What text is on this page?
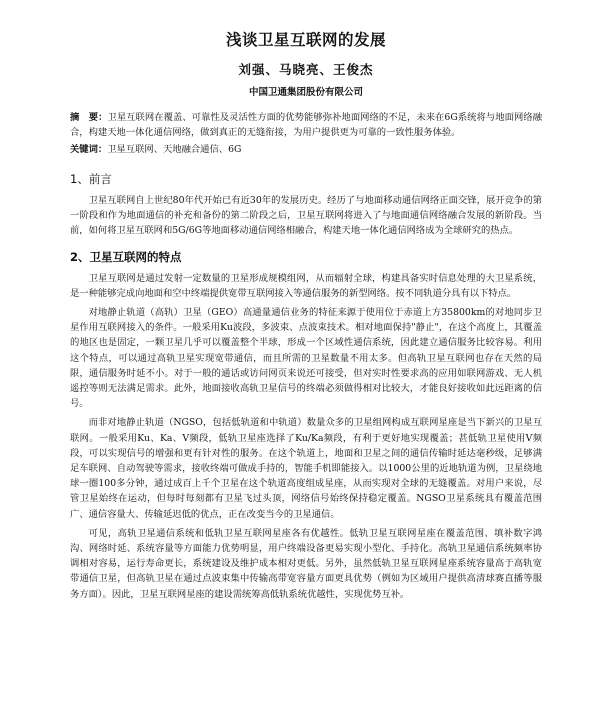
浅谈卫星互联网的发展
刘强、马晓亮、王俊杰
中国卫通集团股份有限公司

摘　要：卫星互联网在覆盖、可靠性及灵活性方面的优势能够弥补地面网络的不足，未来在6G系统将与地面网络融合，构建天地一体化通信网络，做到真正的无缝衔接，为用户提供更为可靠的一致性服务体验。

关键词：卫星互联网、天地融合通信、6G

1、前言

卫星互联网自上世纪80年代开始已有近30年的发展历史。经历了与地面移动通信网络正面交锋，展开竞争的第一阶段和作为地面通信的补充和备份的第二阶段之后，卫星互联网将进入了与地面通信网络融合发展的新阶段。当前，如何将卫星互联网和5G/6G等地面移动通信网络相融合，构建天地一体化通信网络成为全球研究的热点。

2、卫星互联网的特点

卫星互联网是通过发射一定数量的卫星形成规模组网，从而辐射全球，构建具备实时信息处理的大卫星系统，是一种能够完成向地面和空中终端提供宽带互联网接入等通信服务的新型网络。按不同轨道分具有以下特点。

对地静止轨道（高轨）卫星（GEO）高通量通信业务的特征来源于使用位于赤道上方35800km的对地同步卫星作用互联网接入的条件。一般采用Ku波段，多波束、点波束技术。相对地面保持"静止"，在这个高度上，其覆盖的地区也是固定，一颗卫星几乎可以覆盖整个半球，形成一个区域性通信系统，因此建立通信服务比较容易。利用这个特点，可以通过高轨卫星实现宽带通信，而且所需的卫星数量不用太多。但高轨卫星互联网也存在天然的局限，通信服务时延不小。对于一般的通话或访问网页来说还可接受，但对实时性要求高的应用如联网游戏、无人机遥控等则无法满足需求。此外，地面接收高轨卫星信号的终端必须做得相对比较大，才能良好接收如此远距离的信号。

而非对地静止轨道（NGSO，包括低轨道和中轨道）数量众多的卫星组网构成互联网星座是当下新兴的卫星互联网。一般采用Ku、Ka、V频段，低轨卫星座选择了Ku/Ka频段，有利于更好地实现覆盖；甚低轨卫星使用V频段，可以实现信号的增强和更有针对性的服务。在这个轨道上，地面和卫星之间的通信传输时延达毫秒级，足够满足车联网、自动驾驶等需求，接收终端可做成手持的，智能手机即能接入。以1000公里的近地轨道为例，卫星绕地球一圈100多分钟，通过成百上千个卫星在这个轨道高度组成星座，从而实现对全球的无缝覆盖。对用户来说，尽管卫星始终在运动，但每时每刻都有卫星飞过头顶，网络信号始终保持稳定覆盖。NGSO卫星系统具有覆盖范围广、通信容量大、传输延迟低的优点，正在改变当今的卫星通信。

可见，高轨卫星通信系统和低轨卫星互联网星座各有优越性。低轨卫星互联网星座在覆盖范围、填补数字鸿沟、网络时延、系统容量等方面能力优势明显，用户终端设备更易实现小型化、手持化。高轨卫星通信系统频率协调相对容易，运行寿命更长，系统建设及维护成本相对更低。另外，虽然低轨卫星互联网星座系统容量高于高轨宽带通信卫星，但高轨卫星在通过点波束集中传输高带宽容量方面更具优势（例如为区域用户提供高清球赛直播等服务方面）。因此，卫星互联网星座的建设需统筹高低轨系统优越性，实现优势互补。
